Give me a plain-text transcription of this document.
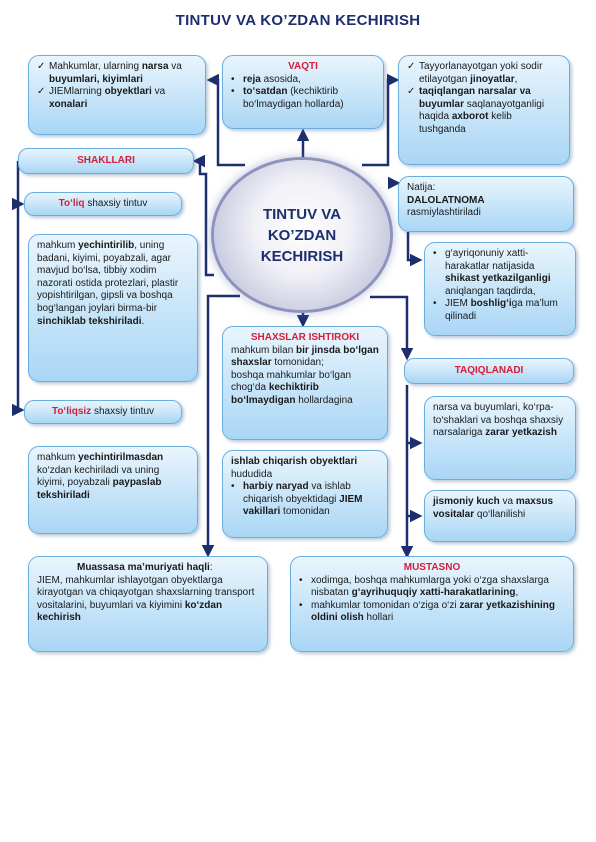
TINTUV VA KO’ZDAN KECHIRISH
✓ Mahkumlar, ularning narsa va buyumlari, kiyimlari
✓ JIEMlarning obyektlari va xonalari
VAQTI
• reja asosida,
• to‘satdan (kechiktirib bo‘lmaydigan hollarda)
✓ Tayyorlanayotgan yoki sodir etilayotgan jinoyatlar,
✓ taqiqlangan narsalar va buyumlar saqlanayotganligi haqida axborot kelib tushganda
SHAKLLARI
TINTUV VA KO’ZDAN KECHIRISH
To‘liq shaxsiy tintuv
mahkum yechintirilib, uning badani, kiyimi, poyabzali, agar mavjud bo‘lsa, tibbiy xodim nazorati ostida protezlari, plastir yopishtirilgan, gipsli va boshqa bog‘langan joylari birma-bir sinchiklab tekshiriladi.
To‘liqsiz shaxsiy tintuv
mahkum yechintirilmasdan ko‘zdan kechiriladi va uning kiyimi, poyabzali paypaslab tekshiriladi
Natija:
DALOLATNOMA
rasmiylashtiriladi
• g‘ayriqonuniy xatti-harakatlar natijasida shikast yetkazilganligi aniqlangan taqdirda,
• JIEM boshlig‘iga ma’lum qilinadi
SHAXSLAR ISHTIROKI
mahkum bilan bir jinsda bo‘lgan shaxslar tomonidan;
boshqa mahkumlar bo‘lgan chog‘da kechiktirib bo‘lmaydigan hollardagina
ishlab chiqarish obyektlari hududida
• harbiy naryad va ishlab chiqarish obyektidagi JIEM vakillari tomonidan
TAQIQLANADI
narsa va buyumlari, ko‘rpa-to‘shaklari va boshqa shaxsiy narsalariga zarar yetkazish
jismoniy kuch va maxsus vositalar qo‘llanilishi
Muassasa ma’muriyati haqli:
JIEM, mahkumlar ishlayotgan obyektlarga kirayotgan va chiqayotgan shaxslarning transport vositalarini, buyumlari va kiyimini ko‘zdan kechirish
MUSTASNO
• xodimga, boshqa mahkumlarga yoki o‘zga shaxslarga nisbatan g‘ayrihuquqiy xatti-harakatlarining,
• mahkumlar tomonidan o‘ziga o‘zi zarar yetkazishining oldini olish hollari
